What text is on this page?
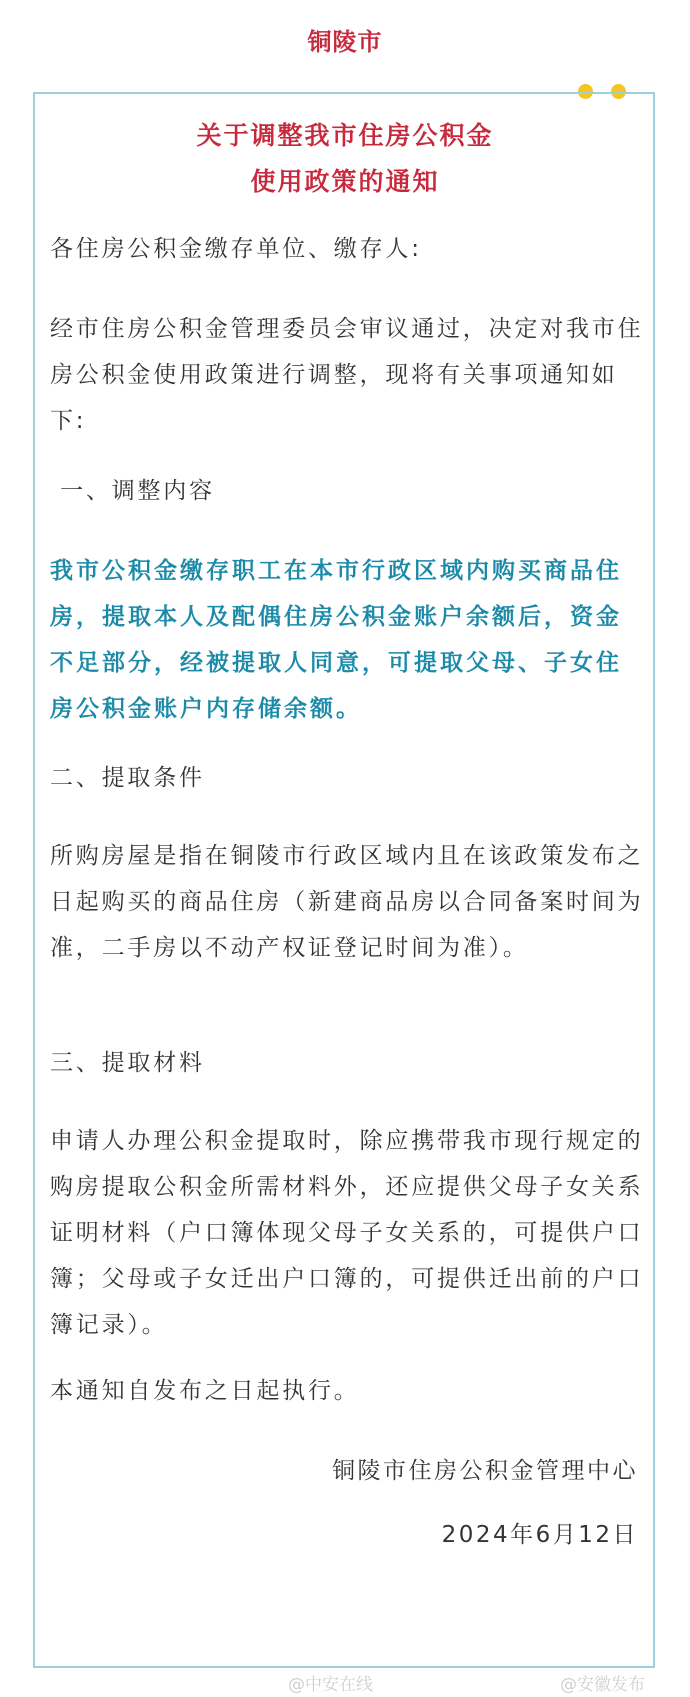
铜陵市
关于调整我市住房公积金
使用政策的通知

各住房公积金缴存单位、缴存人:

经市住房公积金管理委员会审议通过，决定对我市住房公积金使用政策进行调整，现将有关事项通知如下:

一、调整内容

我市公积金缴存职工在本市行政区域内购买商品住房，提取本人及配偶住房公积金账户余额后，资金不足部分，经被提取人同意，可提取父母、子女住房公积金账户内存储余额。

二、提取条件

所购房屋是指在铜陵市行政区域内且在该政策发布之日起购买的商品住房（新建商品房以合同备案时间为准，二手房以不动产权证登记时间为准）。

三、提取材料

申请人办理公积金提取时，除应携带我市现行规定的购房提取公积金所需材料外，还应提供父母子女关系证明材料（户口簿体现父母子女关系的，可提供户口簿；父母或子女迁出户口簿的，可提供迁出前的户口簿记录）。

本通知自发布之日起执行。

铜陵市住房公积金管理中心
2024年6月12日
@中安在线	@安徽发布
